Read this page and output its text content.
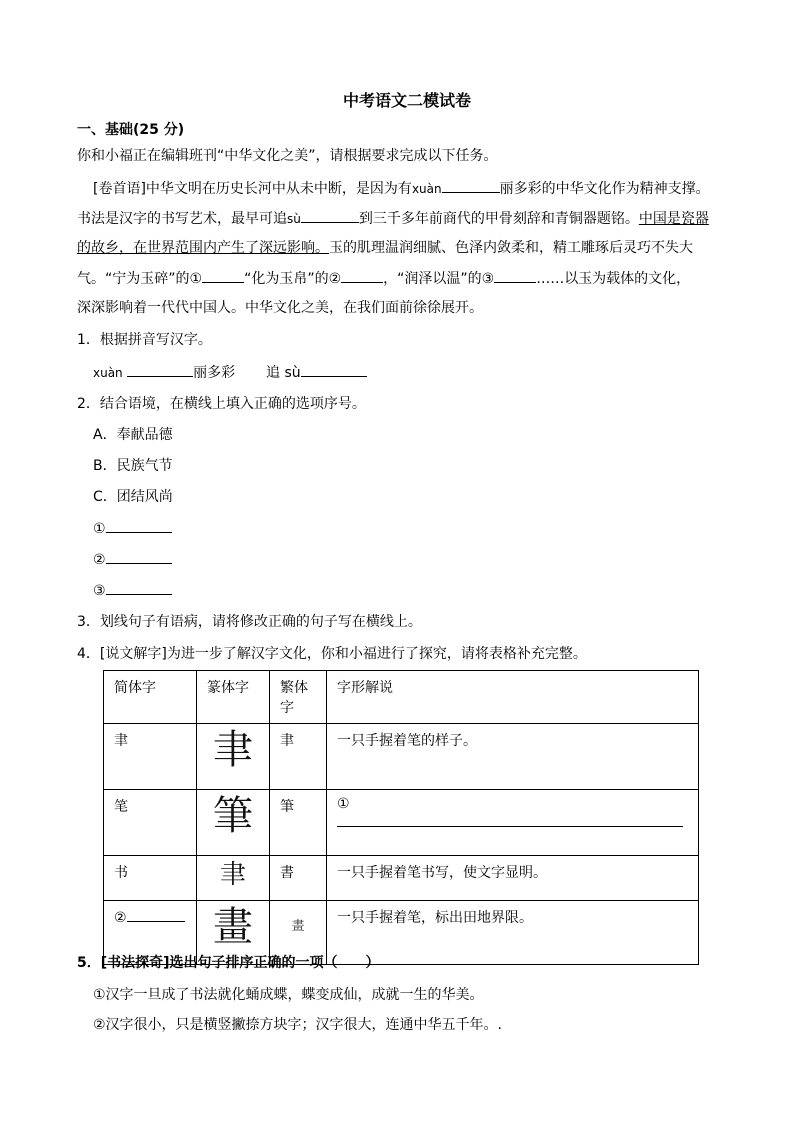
中考语文二模试卷
一、基础(25 分)
你和小福正在编辑班刊“中华文化之美”，请根据要求完成以下任务。
[卷首语]中华文明在历史长河中从未中断，是因为有xuàn	丽多彩的中华文化作为精神支撑。
书法是汉字的书写艺术，最早可追sù	到三千多年前商代的甲骨刻辞和青铜器题铭。中国是瓷器
的故乡，在世界范围内产生了深远影响。玉的肌理温润细腻、色泽内敛柔和，精工雕琢后灵巧不失大
气。“宁为玉碎”的①	“化为玉帛”的②	，“润泽以温”的③	……以玉为载体的文化，
深深影响着一代代中国人。中华文化之美，在我们面前徐徐展开。
1．根据拼音写汉字。
xuàn	丽多彩 追 sù
2．结合语境，在横线上填入正确的选项序号。
A．奉献品德
B．民族气节
C．团结风尚
①
②
③
3．划线句子有语病，请将修改正确的句子写在横线上。
4．[说文解字]为进一步了解汉字文化，你和小福进行了探究，请将表格补充完整。
简体字	篆体字	繁体字	字形解说
聿	聿	聿	一只手握着笔的样子。
笔	筆	筆	①
书	聿	書	一只手握着笔书写，使文字显明。
②	畫	畫	一只手握着笔，标出田地界限。
5．[书法探奇]选出句子排序正确的一项（　　）
①汉字一旦成了书法就化蛹成蝶，蝶变成仙，成就一生的华美。
②汉字很小，只是横竖撇捺方块字；汉字很大，连通中华五千年。.
